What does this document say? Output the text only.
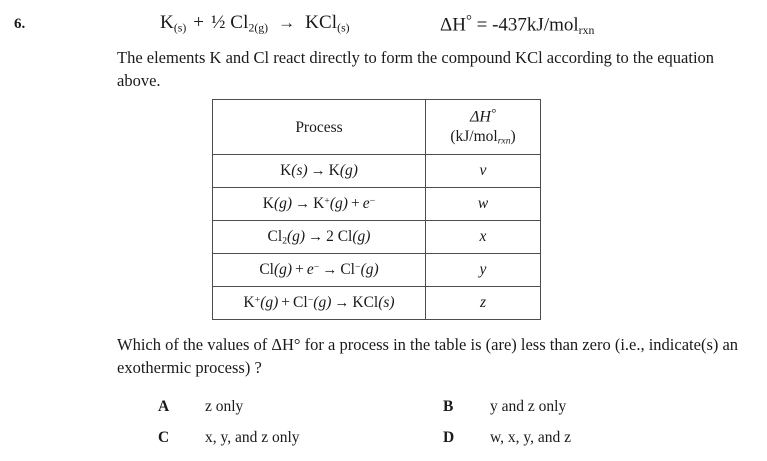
6.	$K_{(s)}$ + ½ $Cl_{2(g)} \to KCl_{(s)}$	ΔH° = -437kJ/mol$_{rxn}$
The elements K and Cl react directly to form the compound KCl according to the equation above.
Process	ΔH°
(kJ/mol$_{rxn}$)

K(s) → K(g)	v
K(g) → K+(g) + e−	w
$Cl_2(g) \to 2$ Cl(g)	x
Cl(g) + e− → Cl−(g)	y
K+(g) + Cl−(g) → KCl(s)	z
Which of the values of ΔH° for a process in the table is (are) less than zero (i.e., indicate(s) an exothermic process) ?
A z only	B y and z only
C x, y, and z only	D w, x, y, and z
